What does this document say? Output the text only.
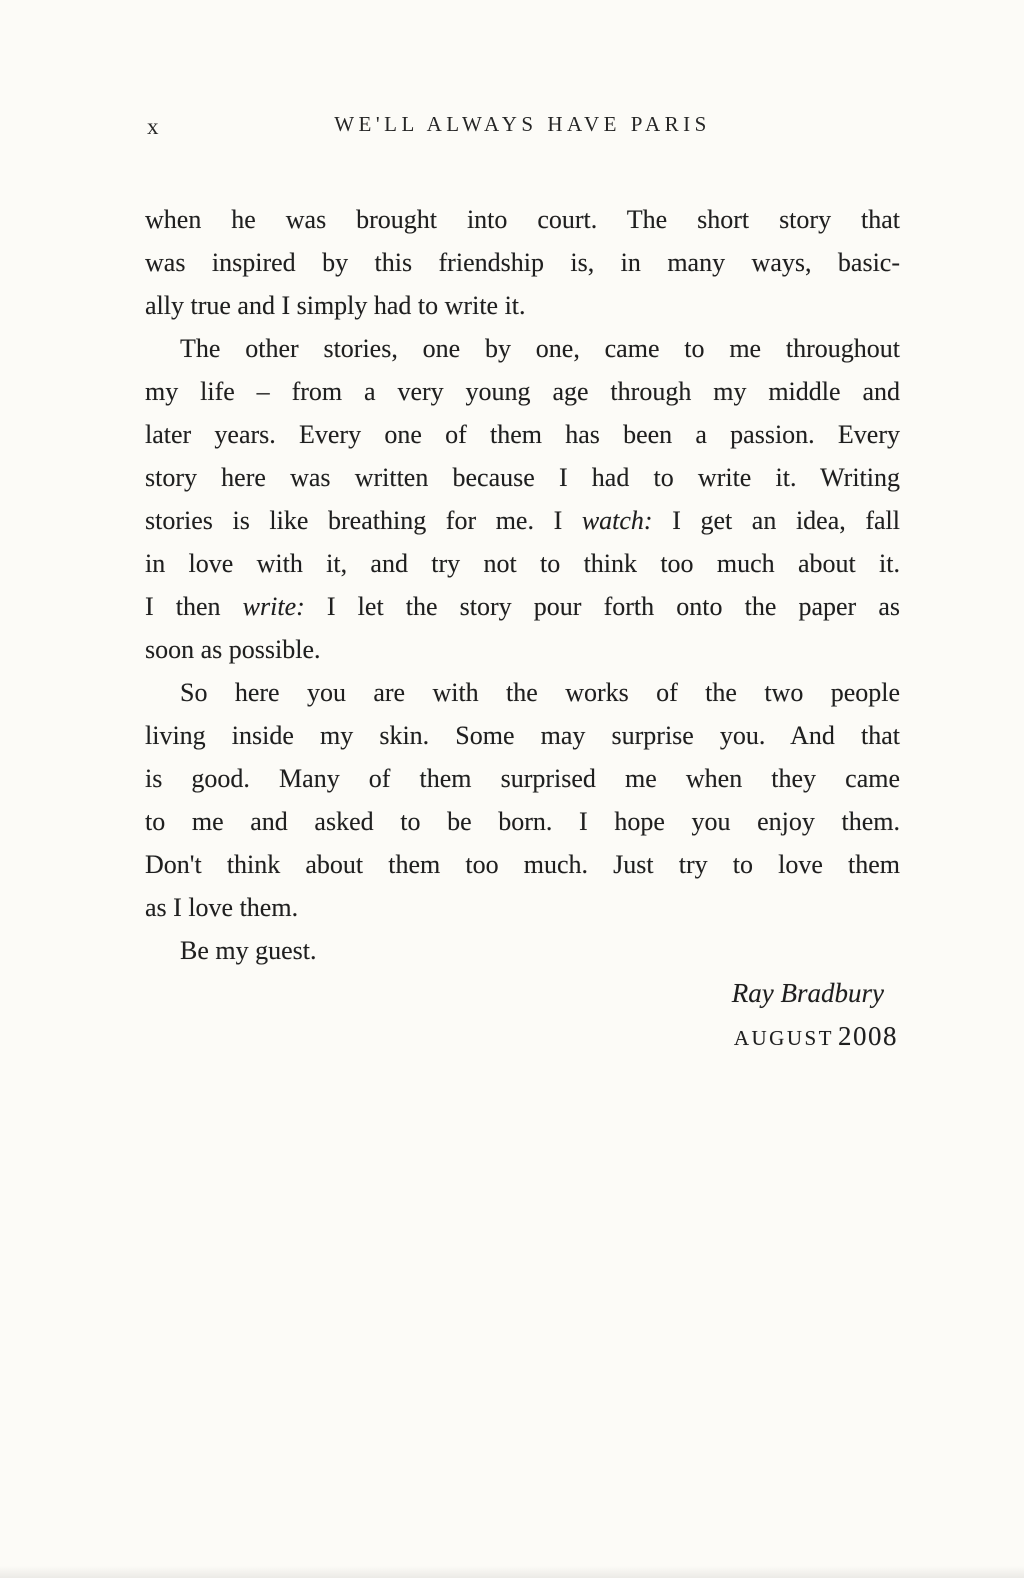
x	WE'LL ALWAYS HAVE PARIS
when he was brought into court. The short story that
was inspired by this friendship is, in many ways, basic-
ally true and I simply had to write it.
The other stories, one by one, came to me throughout
my life – from a very young age through my middle and
later years. Every one of them has been a passion. Every
story here was written because I had to write it. Writing
stories is like breathing for me. I watch: I get an idea, fall
in love with it, and try not to think too much about it.
I then write: I let the story pour forth onto the paper as
soon as possible.
So here you are with the works of the two people
living inside my skin. Some may surprise you. And that
is good. Many of them surprised me when they came
to me and asked to be born. I hope you enjoy them.
Don't think about them too much. Just try to love them
as I love them.
Be my guest.
Ray Bradbury
AUGUST 2008
